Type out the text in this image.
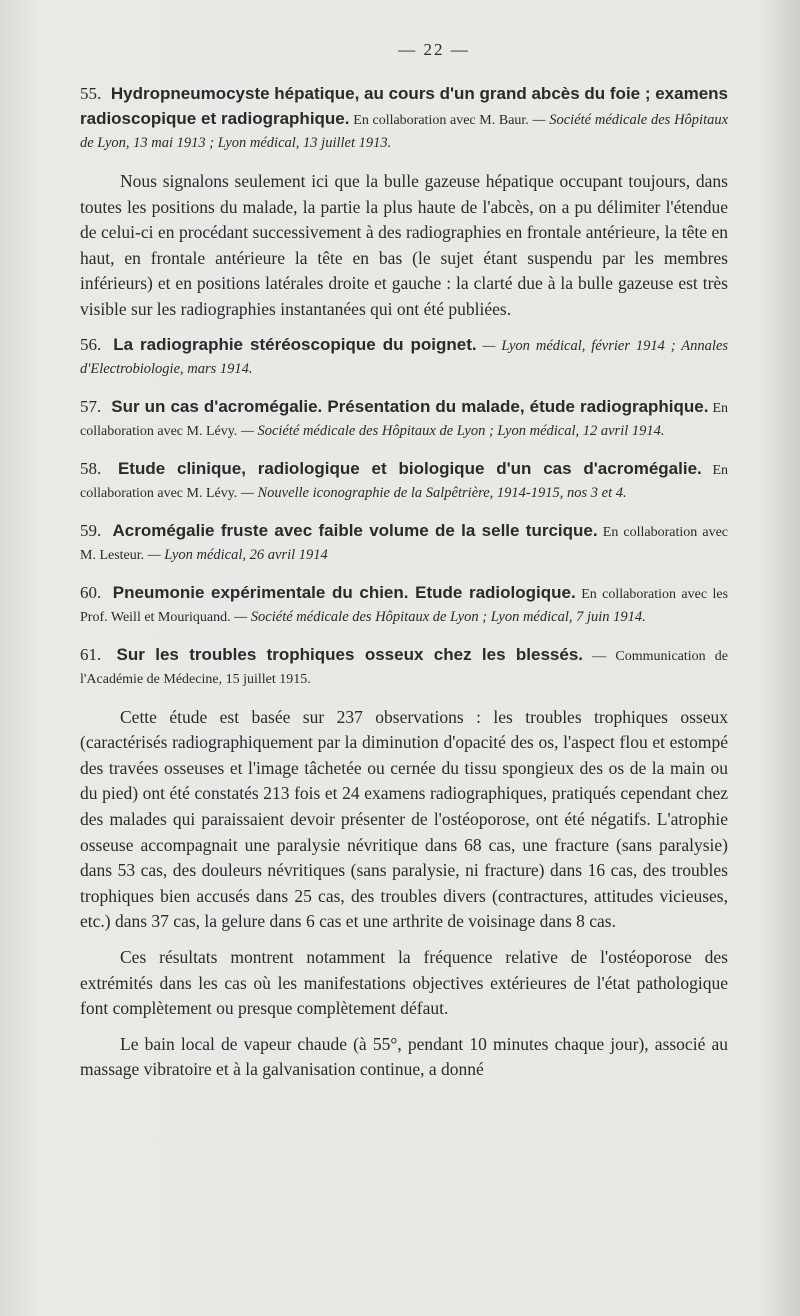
— 22 —
55. Hydropneumocyste hépatique, au cours d'un grand abcès du foie ; examens radioscopique et radiographique. En collaboration avec M. Baur. — Société médicale des Hôpitaux de Lyon, 13 mai 1913 ; Lyon médical, 13 juillet 1913.

Nous signalons seulement ici que la bulle gazeuse hépatique occupant toujours, dans toutes les positions du malade, la partie la plus haute de l'abcès, on a pu délimiter l'étendue de celui-ci en procédant successivement à des radiographies en frontale antérieure, la tête en haut, en frontale antérieure la tête en bas (le sujet étant suspendu par les membres inférieurs) et en positions latérales droite et gauche : la clarté due à la bulle gazeuse est très visible sur les radiographies instantanées qui ont été publiées.

56. La radiographie stéréoscopique du poignet. — Lyon médical, février 1914 ; Annales d'Electrobiologie, mars 1914.
57. Sur un cas d'acromégalie. Présentation du malade, étude radiographique. En collaboration avec M. Lévy. — Société médicale des Hôpitaux de Lyon ; Lyon médical, 12 avril 1914.
58. Etude clinique, radiologique et biologique d'un cas d'acromégalie. En collaboration avec M. Lévy. — Nouvelle iconographie de la Salpêtrière, 1914-1915, nos 3 et 4.
59. Acromégalie fruste avec faible volume de la selle turcique. En collaboration avec M. Lesteur. — Lyon médical, 26 avril 1914
60. Pneumonie expérimentale du chien. Etude radiologique. En collaboration avec les Prof. Weill et Mouriquand. — Société médicale des Hôpitaux de Lyon ; Lyon médical, 7 juin 1914.
61. Sur les troubles trophiques osseux chez les blessés. — Communication de l'Académie de Médecine, 15 juillet 1915.

Cette étude est basée sur 237 observations : les troubles trophiques osseux (caractérisés radiographiquement par la diminution d'opacité des os, l'aspect flou et estompé des travées osseuses et l'image tâchetée ou cernée du tissu spongieux des os de la main ou du pied) ont été constatés 213 fois et 24 examens radiographiques, pratiqués cependant chez des malades qui paraissaient devoir présenter de l'ostéoporose, ont été négatifs. L'atrophie osseuse accompagnait une paralysie névritique dans 68 cas, une fracture (sans paralysie) dans 53 cas, des douleurs névritiques (sans paralysie, ni fracture) dans 16 cas, des troubles trophiques bien accusés dans 25 cas, des troubles divers (contractures, attitudes vicieuses, etc.) dans 37 cas, la gelure dans 6 cas et une arthrite de voisinage dans 8 cas.

Ces résultats montrent notamment la fréquence relative de l'ostéoporose des extrémités dans les cas où les manifestations objectives extérieures de l'état pathologique font complètement ou presque complètement défaut.

Le bain local de vapeur chaude (à 55°, pendant 10 minutes chaque jour), associé au massage vibratoire et à la galvanisation continue, a donné
